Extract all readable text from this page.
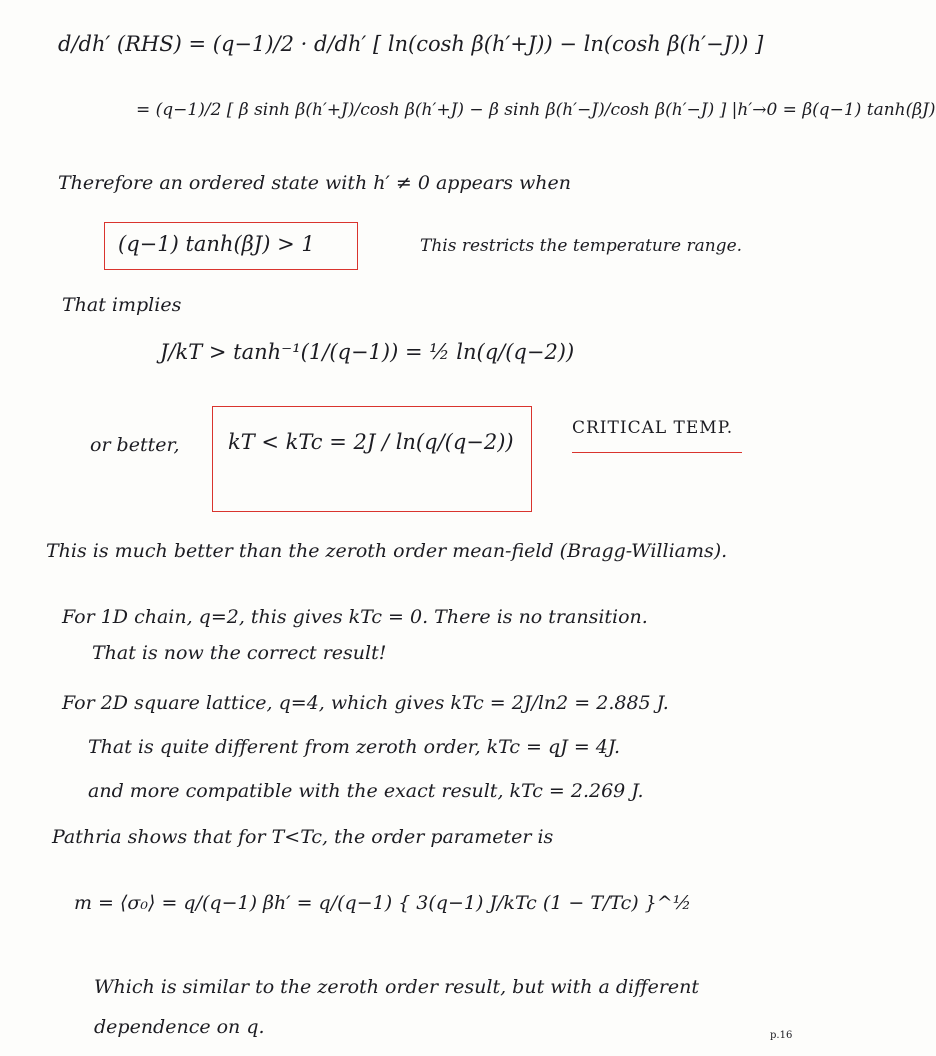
d/dh′ (RHS) = (q−1)/2 · d/dh′ [ ln(cosh β(h′+J)) − ln(cosh β(h′−J)) ]
= (q−1)/2 [ β sinh β(h′+J)/cosh β(h′+J) − β sinh β(h′−J)/cosh β(h′−J) ] |h′→0 = β(q−1) tanh(βJ)
Therefore an ordered state with h′ ≠ 0 appears when
(q−1) tanh(βJ) > 1	This restricts the temperature range.
That implies
J/kT > tanh⁻¹(1/(q−1)) = ½ ln(q/(q−2))
or better, kT < kTc = 2J / ln(q/(q−2))
CRITICAL TEMP.
This is much better than the zeroth order mean-field (Bragg-Williams).
For 1D chain, q=2, this gives kTc = 0. There is no transition.
That is now the correct result!
For 2D square lattice, q=4, which gives kTc = 2J/ln2 = 2.885 J.
That is quite different from zeroth order, kTc = qJ = 4J.
and more compatible with the exact result, kTc = 2.269 J.
Pathria shows that for T<Tc, the order parameter is
m = ⟨σ₀⟩ = q/(q−1) βh′ = q/(q−1) { 3(q−1) J/kTc (1 − T/Tc) }^½
Which is similar to the zeroth order result, but with a different
dependence on q.	p.16
